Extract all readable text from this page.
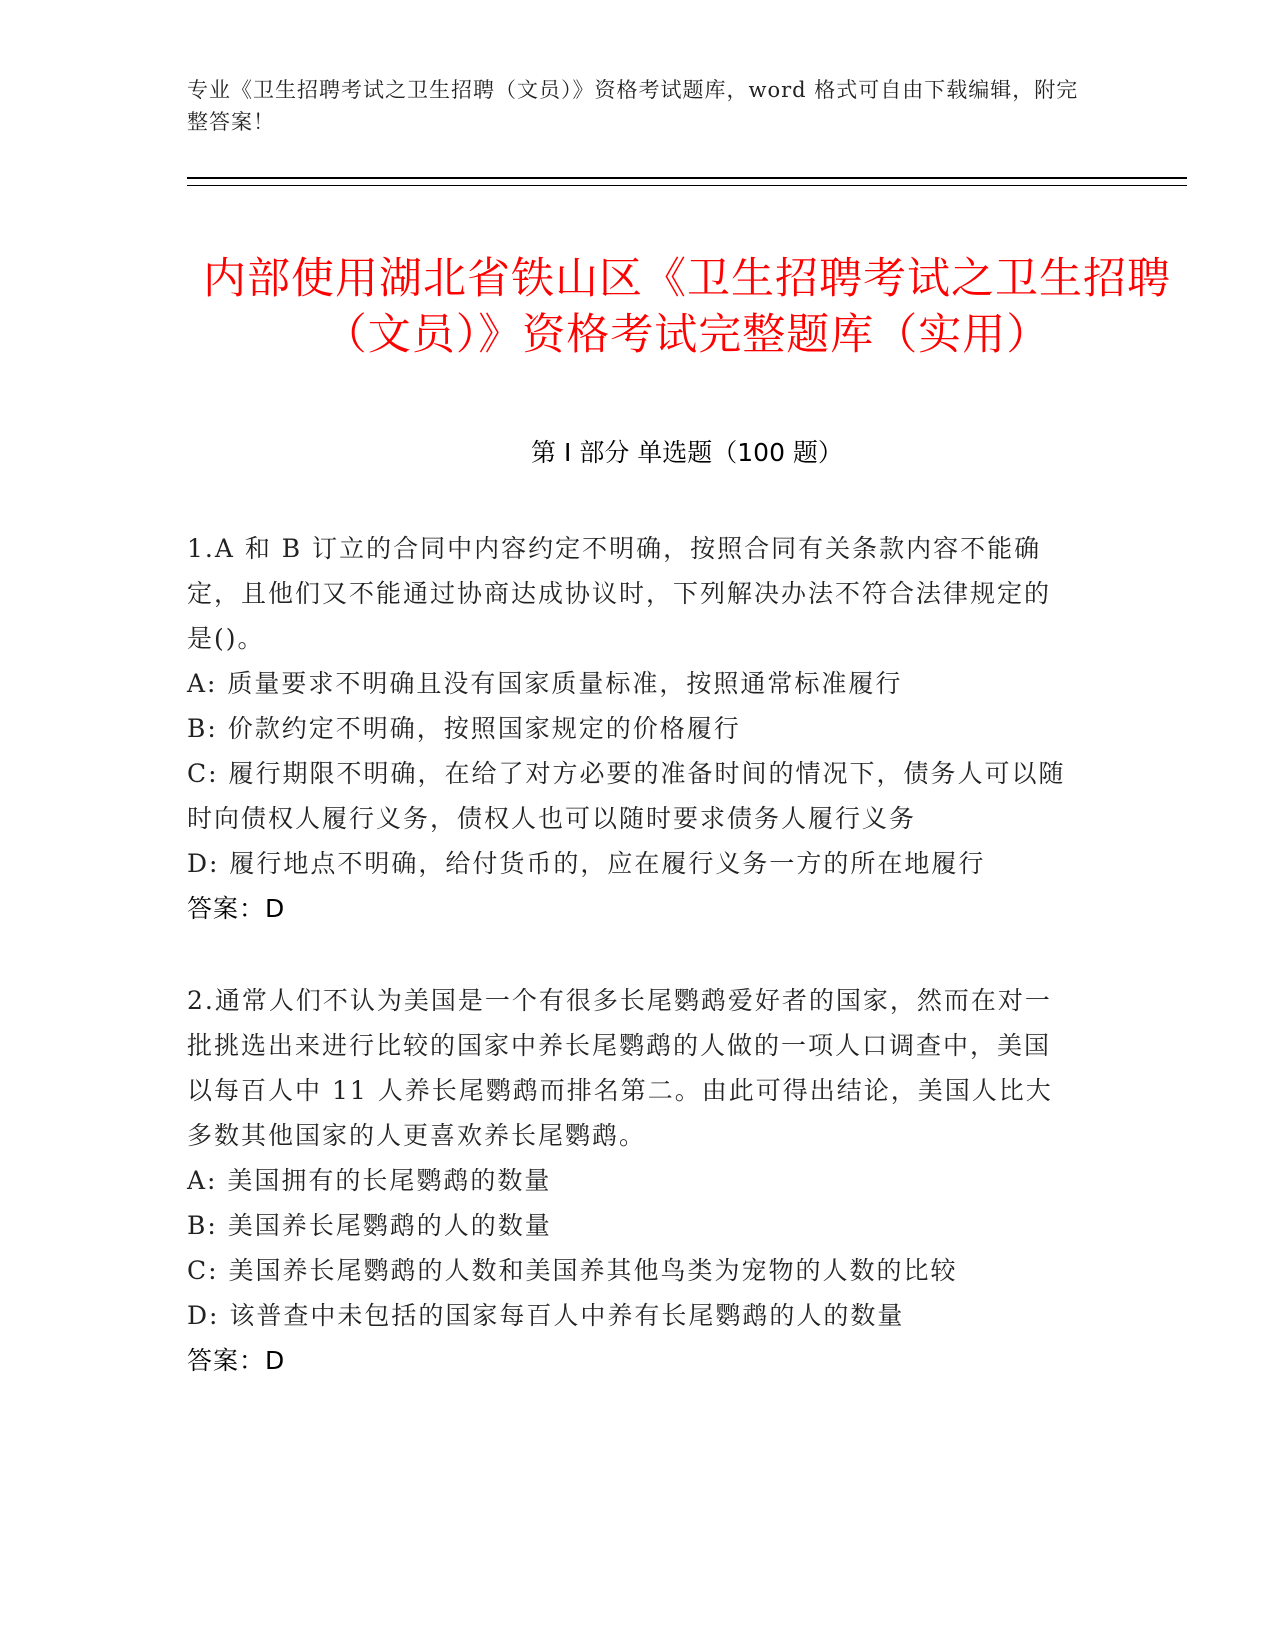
专业《卫生招聘考试之卫生招聘（文员）》资格考试题库，word 格式可自由下载编辑，附完整答案！
内部使用湖北省铁山区《卫生招聘考试之卫生招聘（文员）》资格考试完整题库（实用）
第 I 部分 单选题（100 题）

1.A 和 B 订立的合同中内容约定不明确，按照合同有关条款内容不能确定，且他们又不能通过协商达成协议时，下列解决办法不符合法律规定的是()。

A: 质量要求不明确且没有国家质量标准，按照通常标准履行

B: 价款约定不明确，按照国家规定的价格履行

C: 履行期限不明确，在给了对方必要的准备时间的情况下，债务人可以随时向债权人履行义务，债权人也可以随时要求债务人履行义务

D: 履行地点不明确，给付货币的，应在履行义务一方的所在地履行

答案：D

2.通常人们不认为美国是一个有很多长尾鹦鹉爱好者的国家，然而在对一批挑选出来进行比较的国家中养长尾鹦鹉的人做的一项人口调查中，美国以每百人中 11 人养长尾鹦鹉而排名第二。由此可得出结论，美国人比大多数其他国家的人更喜欢养长尾鹦鹉。

A: 美国拥有的长尾鹦鹉的数量

B: 美国养长尾鹦鹉的人的数量

C: 美国养长尾鹦鹉的人数和美国养其他鸟类为宠物的人数的比较

D: 该普查中未包括的国家每百人中养有长尾鹦鹉的人的数量

答案：D
